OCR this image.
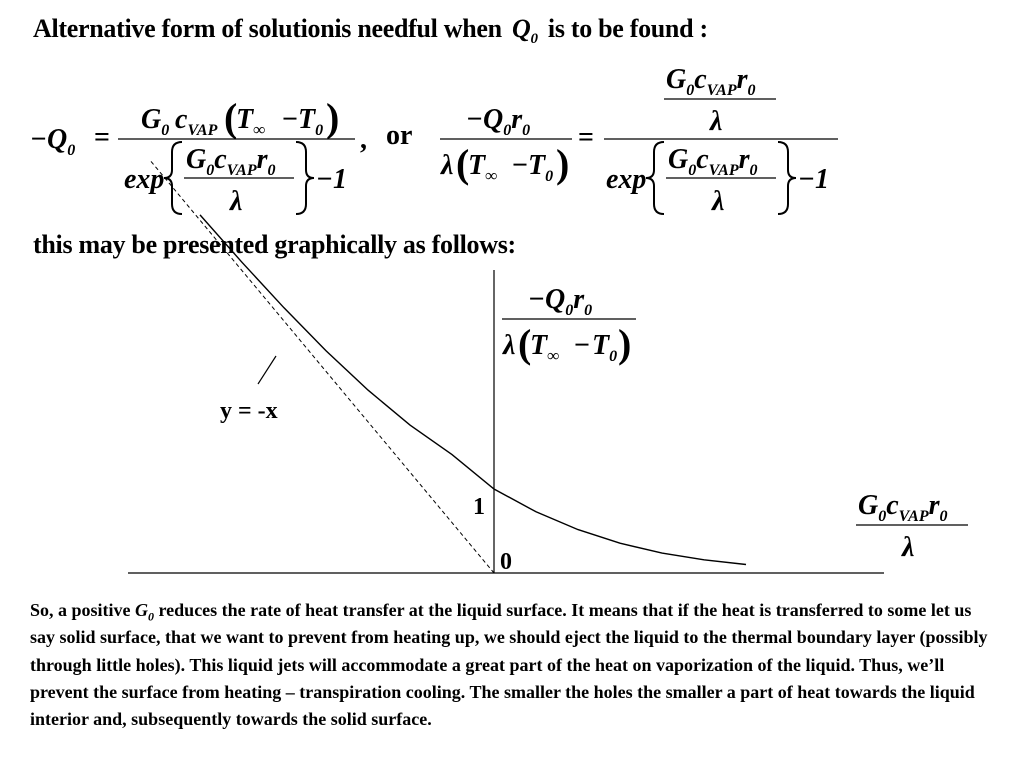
Alternative form of solutionis needful when $Q_0$ is to be found :

$-Q_0$ =
$G_0$ $c_{VAP}$ (
$T_\infty - T_0$ )
exp
$G_0c_{VAP}r_0$
λ
−1
, or
$-Q_0r_0$
λ (
$T_\infty - T_0$ )
=
$G_0c_{VAP}r_0$
λ
exp
$G_0c_{VAP}r_0$
λ
−1

this may be presented graphically as follows:

$-Q_0r_0$
λ (
$T_\infty - T_0$ )
$G_0c_{VAP}r_0$
λ
y = -x
1
0

So, a positive $G_0$ reduces the rate of heat transfer at the liquid surface. It means that if the heat is transferred to some let us say solid surface, that we want to prevent from heating up, we should eject the liquid to the thermal boundary layer (possibly through little holes). This liquid jets will accommodate a great part of the heat on vaporization of the liquid. Thus, we’ll prevent the surface from heating – transpiration cooling. The smaller the holes the smaller a part of heat towards the liquid interior and, subsequently towards the solid surface.
